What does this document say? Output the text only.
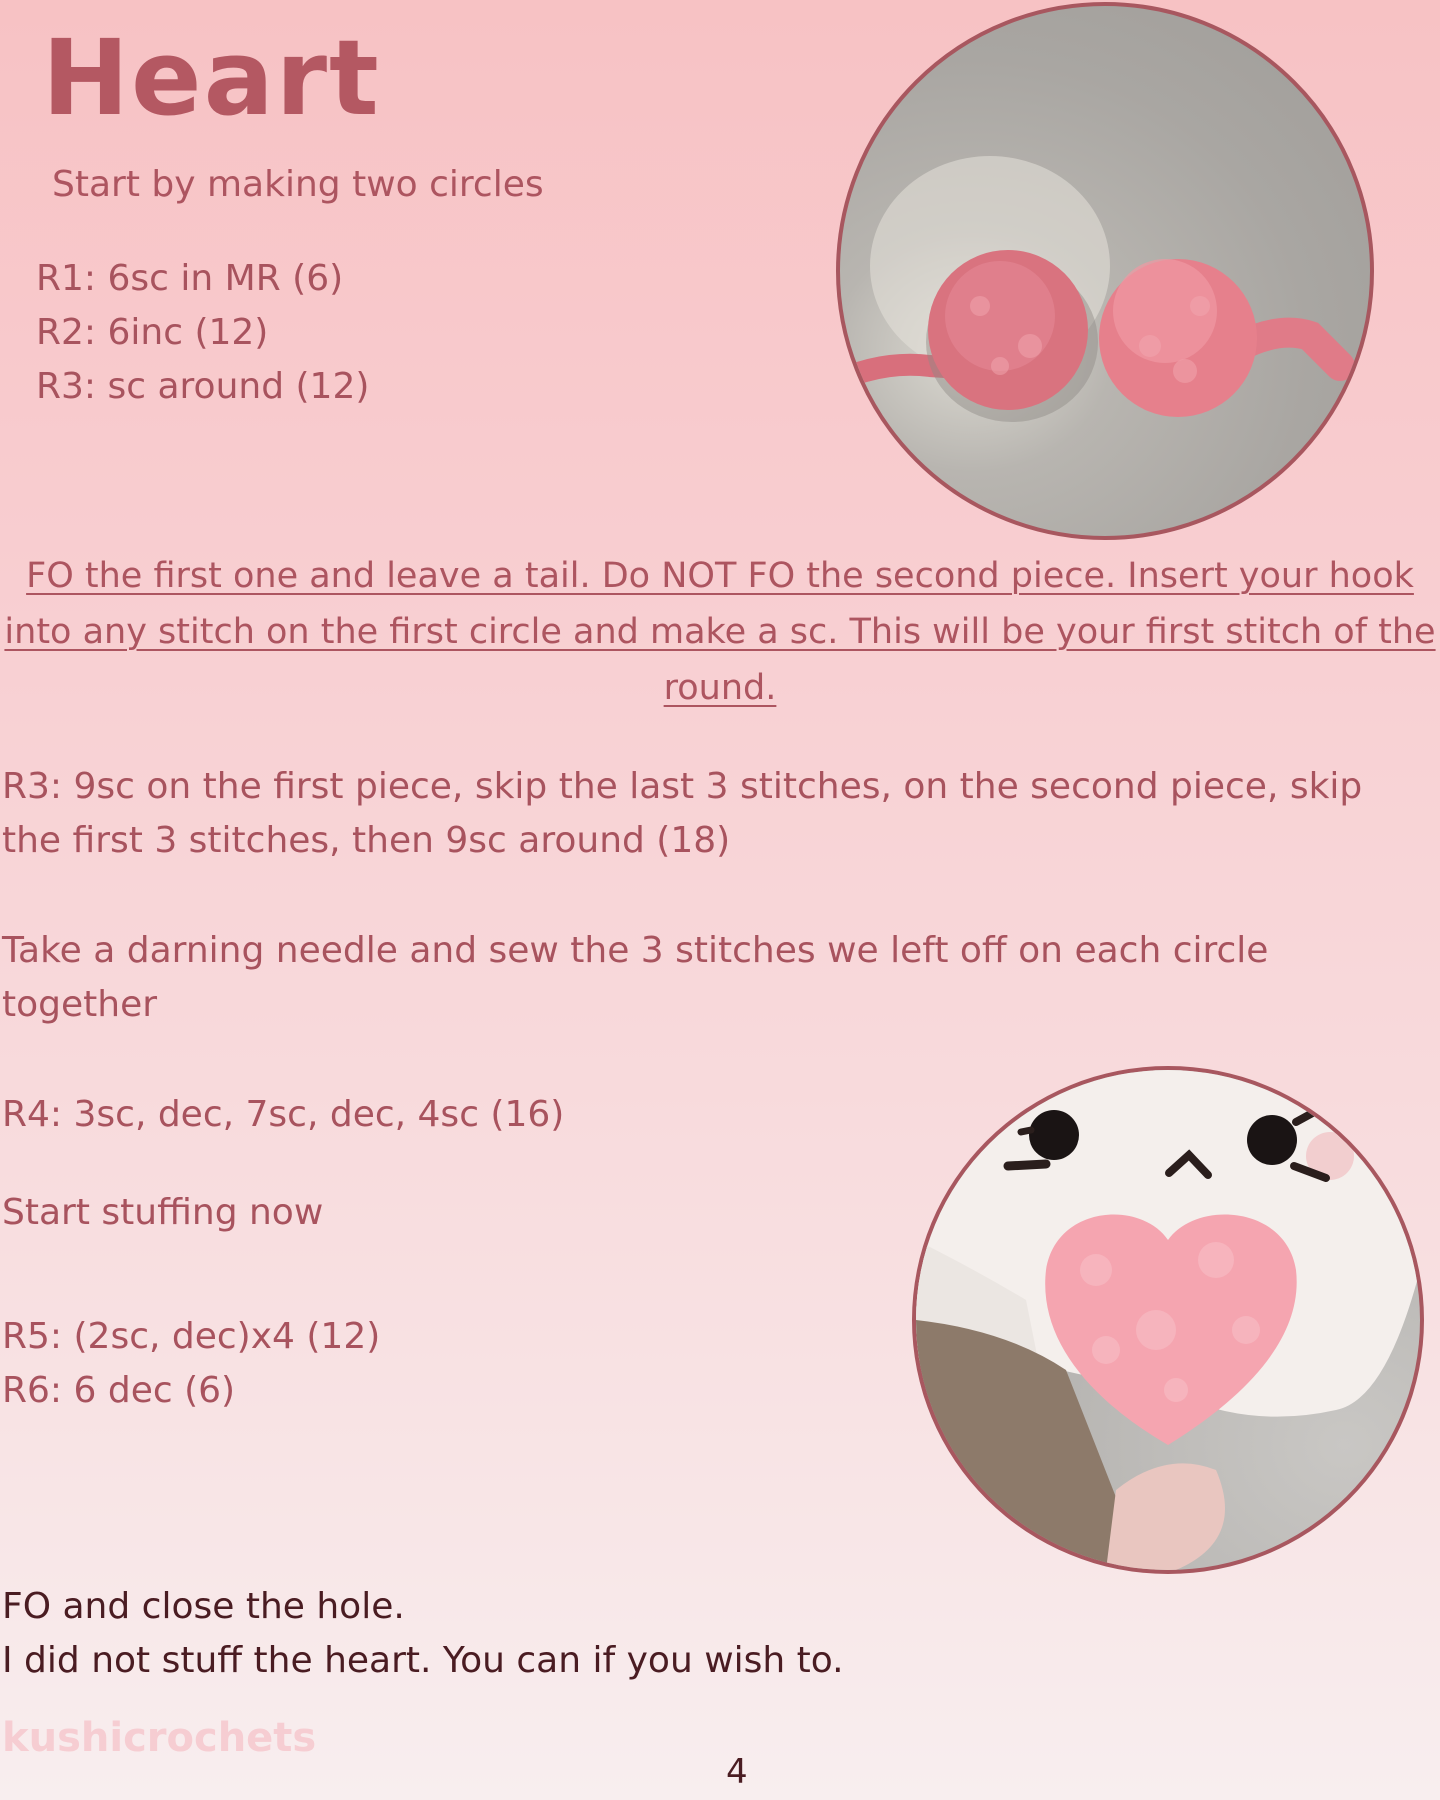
Heart

Start by making two circles

R1: 6sc in MR (6)
R2: 6inc (12)
R3: sc around (12)
FO the first one and leave a tail. Do NOT FO the second piece. Insert your hook into any stitch on the first circle and make a sc. This will be your first stitch of the round.

R3: 9sc on the first piece, skip the last 3 stitches, on the second piece, skip the first 3 stitches, then 9sc around (18)

Take a darning needle and sew the 3 stitches we left off on each circle together

R4: 3sc, dec, 7sc, dec, 4sc (16)

Start stuffing now

R5: (2sc, dec)x4 (12)
R6: 6 dec (6)
FO and close the hole.
I did not stuff the heart. You can if you wish to.
kushicrochets
4
